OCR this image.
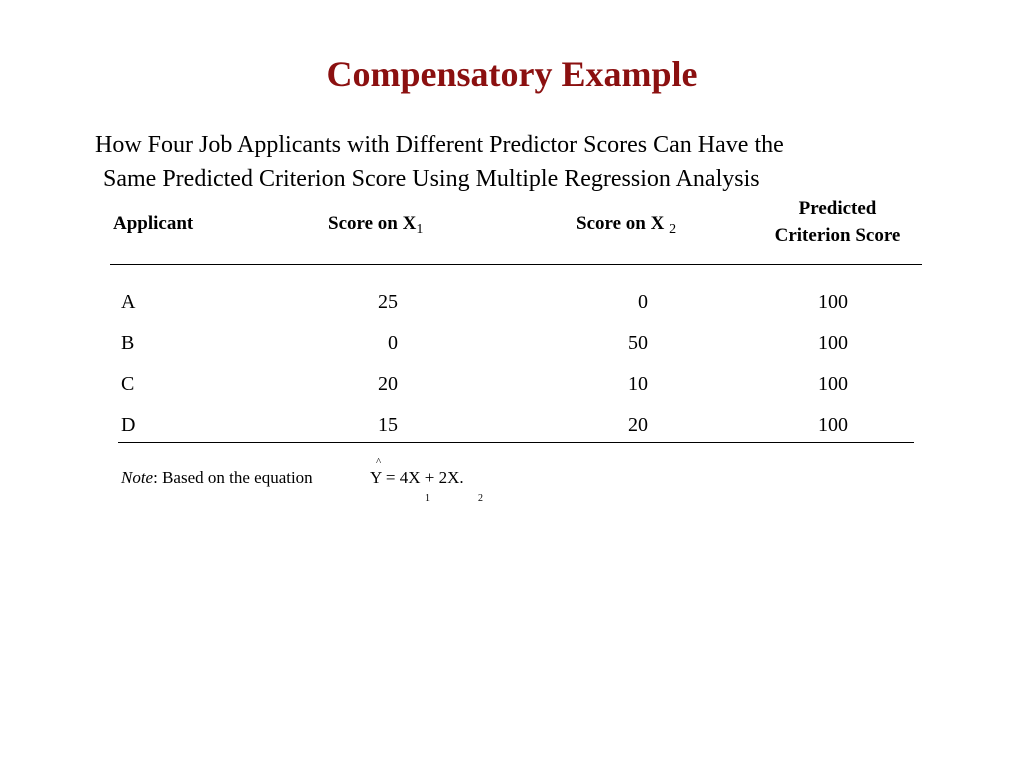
Compensatory Example
How Four Job Applicants with Different Predictor Scores Can Have the
Same Predicted Criterion Score Using Multiple Regression Analysis
Applicant	Score on $X_1$	Score on X $_2$
Predicted
Criterion Score
A	25	0	100
B	0	50	100
C	20	10	100
D	15	20	100
Note: Based on the equation
^
Y = 4X + 2X.
1	2
